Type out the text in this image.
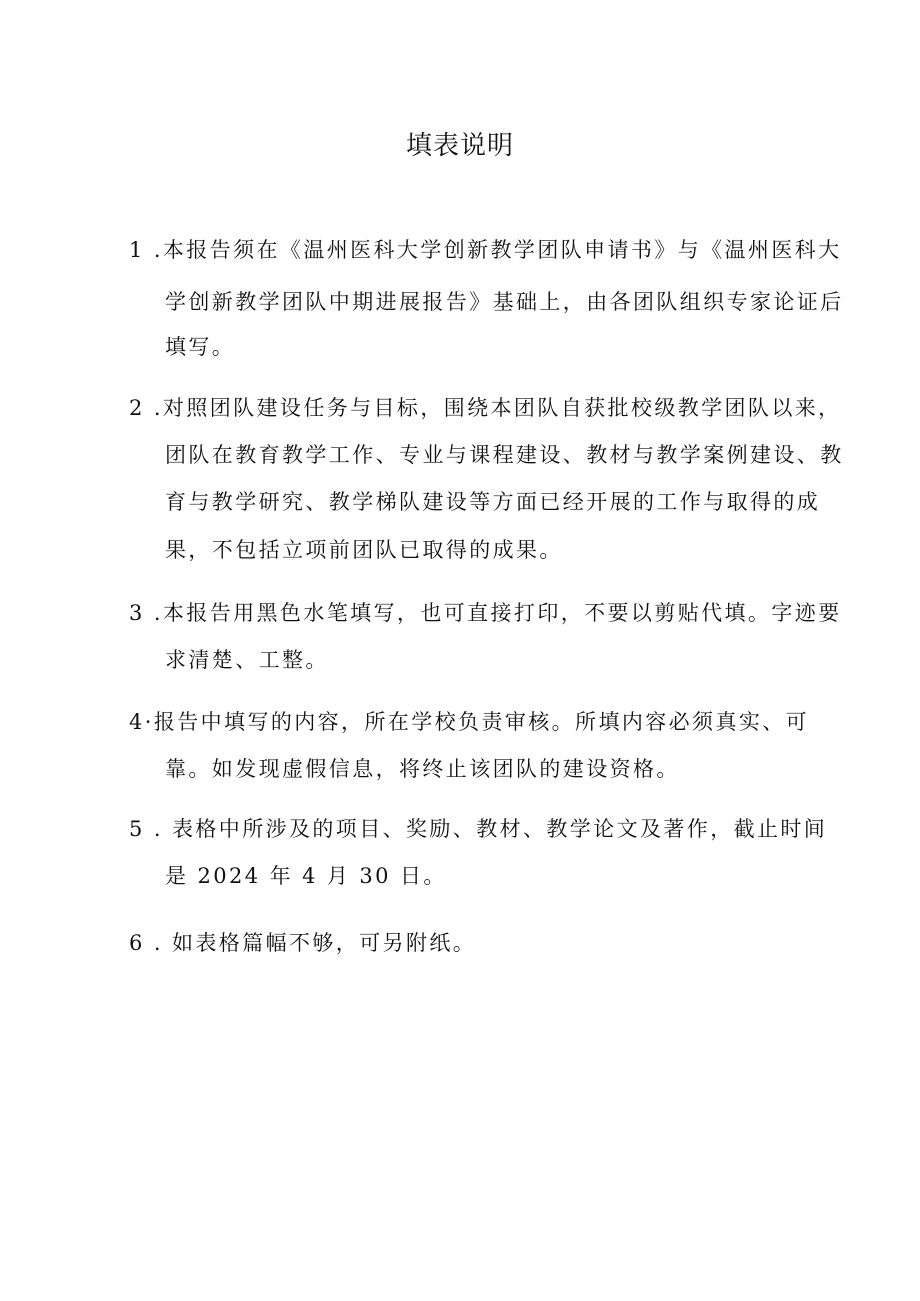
填表说明
1 .本报告须在《温州医科大学创新教学团队申请书》与《温州医科大
学创新教学团队中期进展报告》基础上，由各团队组织专家论证后
填写。
2 .对照团队建设任务与目标，围绕本团队自获批校级教学团队以来，
团队在教育教学工作、专业与课程建设、教材与教学案例建设、教
育与教学研究、教学梯队建设等方面已经开展的工作与取得的成
果，不包括立项前团队已取得的成果。
3 .本报告用黑色水笔填写，也可直接打印，不要以剪贴代填。字迹要
求清楚、工整。
4·报告中填写的内容，所在学校负责审核。所填内容必须真实、可
靠。如发现虚假信息，将终止该团队的建设资格。
5 . 表格中所涉及的项目、奖励、教材、教学论文及著作，截止时间
是 2024 年 4 月 30 日。
6 . 如表格篇幅不够，可另附纸。
